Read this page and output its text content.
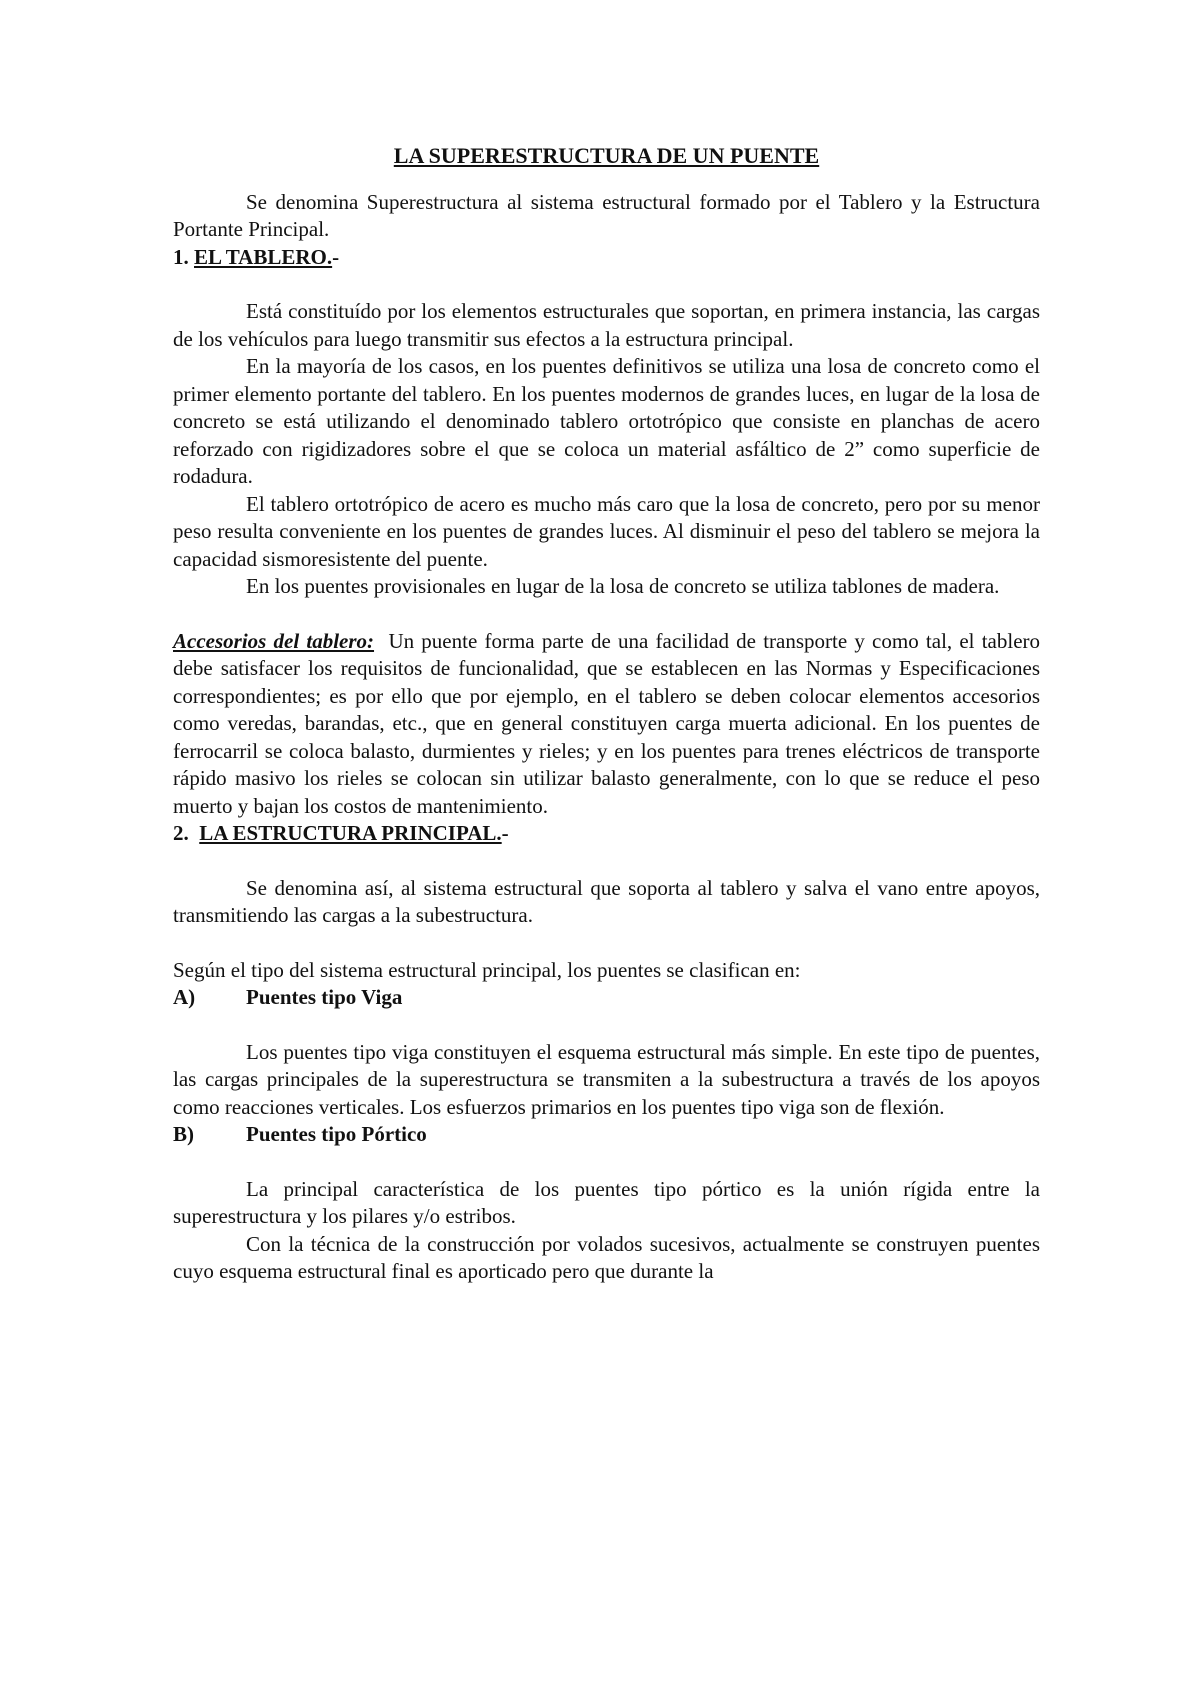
LA SUPERESTRUCTURA DE UN PUENTE

Se denomina Superestructura al sistema estructural formado por el Tablero y la Estructura Portante Principal.

1. EL TABLERO.-

Está constituído por los elementos estructurales que soportan, en primera instancia, las cargas de los vehículos para luego transmitir sus efectos a la estructura principal.

En la mayoría de los casos, en los puentes definitivos se utiliza una losa de concreto como el primer elemento portante del tablero. En los puentes modernos de grandes luces, en lugar de la losa de concreto se está utilizando el denominado tablero ortotrópico que consiste en planchas de acero reforzado con rigidizadores sobre el que se coloca un material asfáltico de 2” como superficie de rodadura.

El tablero ortotrópico de acero es mucho más caro que la losa de concreto, pero por su menor peso resulta conveniente en los puentes de grandes luces. Al disminuir el peso del tablero se mejora la capacidad sismoresistente del puente.

En los puentes provisionales en lugar de la losa de concreto se utiliza tablones de madera.

Accesorios del tablero: Un puente forma parte de una facilidad de transporte y como tal, el tablero debe satisfacer los requisitos de funcionalidad, que se establecen en las Normas y Especificaciones correspondientes; es por ello que por ejemplo, en el tablero se deben colocar elementos accesorios como veredas, barandas, etc., que en general constituyen carga muerta adicional. En los puentes de ferrocarril se coloca balasto, durmientes y rieles; y en los puentes para trenes eléctricos de transporte rápido masivo los rieles se colocan sin utilizar balasto generalmente, con lo que se reduce el peso muerto y bajan los costos de mantenimiento.

2. LA ESTRUCTURA PRINCIPAL.-

Se denomina así, al sistema estructural que soporta al tablero y salva el vano entre apoyos, transmitiendo las cargas a la subestructura.

Según el tipo del sistema estructural principal, los puentes se clasifican en:

A)	Puentes tipo Viga

Los puentes tipo viga constituyen el esquema estructural más simple. En este tipo de puentes, las cargas principales de la superestructura se transmiten a la subestructura a través de los apoyos como reacciones verticales. Los esfuerzos primarios en los puentes tipo viga son de flexión.

B)	Puentes tipo Pórtico

La principal característica de los puentes tipo pórtico es la unión rígida entre la superestructura y los pilares y/o estribos.

Con la técnica de la construcción por volados sucesivos, actualmente se construyen puentes cuyo esquema estructural final es aporticado pero que durante la
